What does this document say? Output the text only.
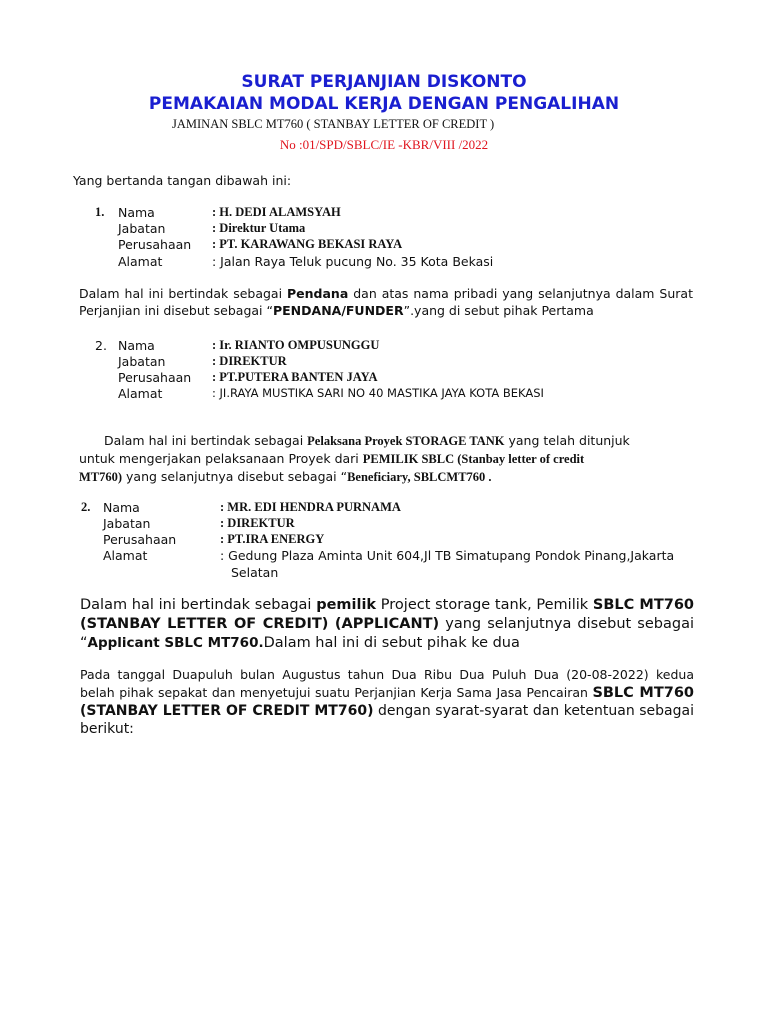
SURAT PERJANJIAN DISKONTO
PEMAKAIAN MODAL KERJA DENGAN PENGALIHAN
JAMINAN SBLC MT760 ( STANBAY LETTER OF CREDIT )
No :01/SPD/SBLC/IE -KBR/VIII /2022
Yang bertanda tangan dibawah ini:
1. Nama
Jabatan
Perusahaan
Alamat
: H. DEDI ALAMSYAH
: Direktur Utama
: PT. KARAWANG BEKASI RAYA
: Jalan Raya Teluk pucung No. 35 Kota Bekasi
Dalam hal ini bertindak sebagai Pendana dan atas nama pribadi yang selanjutnya dalam Surat
Perjanjian ini disebut sebagai “PENDANA/FUNDER”.yang di sebut pihak Pertama
2. Nama
Jabatan
Perusahaan
Alamat
: Ir. RIANTO OMPUSUNGGU
: DIREKTUR
: PT.PUTERA BANTEN JAYA
: JI.RAYA MUSTIKA SARI NO 40 MASTIKA JAYA KOTA BEKASI
Dalam hal ini bertindak sebagai Pelaksana Proyek STORAGE TANK yang telah ditunjuk
untuk mengerjakan pelaksanaan Proyek dari PEMILIK SBLC (Stanbay letter of credit
MT760) yang selanjutnya disebut sebagai “Beneficiary, SBLCMT760 .
2. Nama
Jabatan
Perusahaan
Alamat
: MR. EDI HENDRA PURNAMA
: DIREKTUR
: PT.IRA ENERGY
: Gedung Plaza Aminta Unit 604,Jl TB Simatupang Pondok Pinang,Jakarta
Selatan
Dalam hal ini bertindak sebagai pemilik Project storage tank, Pemilik SBLC MT760
(STANBAY LETTER OF CREDIT) (APPLICANT) yang selanjutnya disebut sebagai
“Applicant SBLC MT760.Dalam hal ini di sebut pihak ke dua
Pada tanggal Duapuluh bulan Augustus tahun Dua Ribu Dua Puluh Dua (20-08-2022) kedua
belah pihak sepakat dan menyetujui suatu Perjanjian Kerja Sama Jasa Pencairan SBLC MT760
(STANBAY LETTER OF CREDIT MT760) dengan syarat-syarat dan ketentuan sebagai
berikut:
